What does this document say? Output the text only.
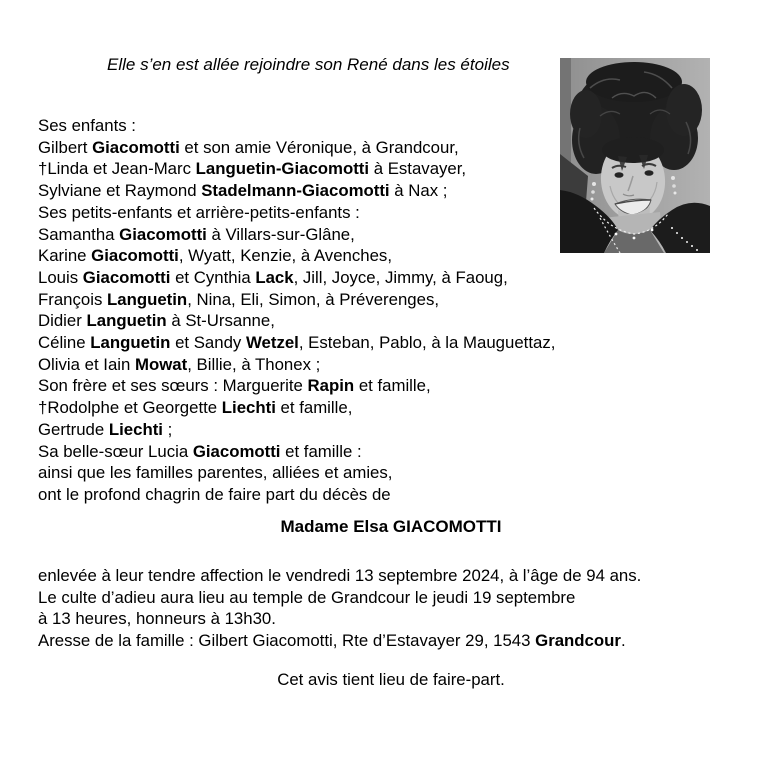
Elle s’en est allée rejoindre son René dans les étoiles
Ses enfants :
Gilbert Giacomotti et son amie Véronique, à Grandcour,
†Linda et Jean-Marc Languetin-Giacomotti à Estavayer,
Sylviane et Raymond Stadelmann-Giacomotti à Nax ;
Ses petits-enfants et arrière-petits-enfants :
Samantha Giacomotti à Villars-sur-Glâne,
Karine Giacomotti, Wyatt, Kenzie, à Avenches,
Louis Giacomotti et Cynthia Lack, Jill, Joyce, Jimmy, à Faoug,
François Languetin, Nina, Eli, Simon, à Préverenges,
Didier Languetin à St-Ursanne,
Céline Languetin et Sandy Wetzel, Esteban, Pablo, à la Mauguettaz,
Olivia et Iain Mowat, Billie, à Thonex ;
Son frère et ses sœurs : Marguerite Rapin et famille,
†Rodolphe et Georgette Liechti et famille,
Gertrude Liechti ;
Sa belle-sœur Lucia Giacomotti et famille :
ainsi que les familles parentes, alliées et amies,
ont le profond chagrin de faire part du décès de
Madame Elsa GIACOMOTTI
enlevée à leur tendre affection le vendredi 13 septembre 2024, à l’âge de 94 ans.
Le culte d’adieu aura lieu au temple de Grandcour le jeudi 19 septembre
à 13 heures, honneurs à 13h30.
Aresse de la famille : Gilbert Giacomotti, Rte d’Estavayer 29, 1543 Grandcour.
Cet avis tient lieu de faire-part.
